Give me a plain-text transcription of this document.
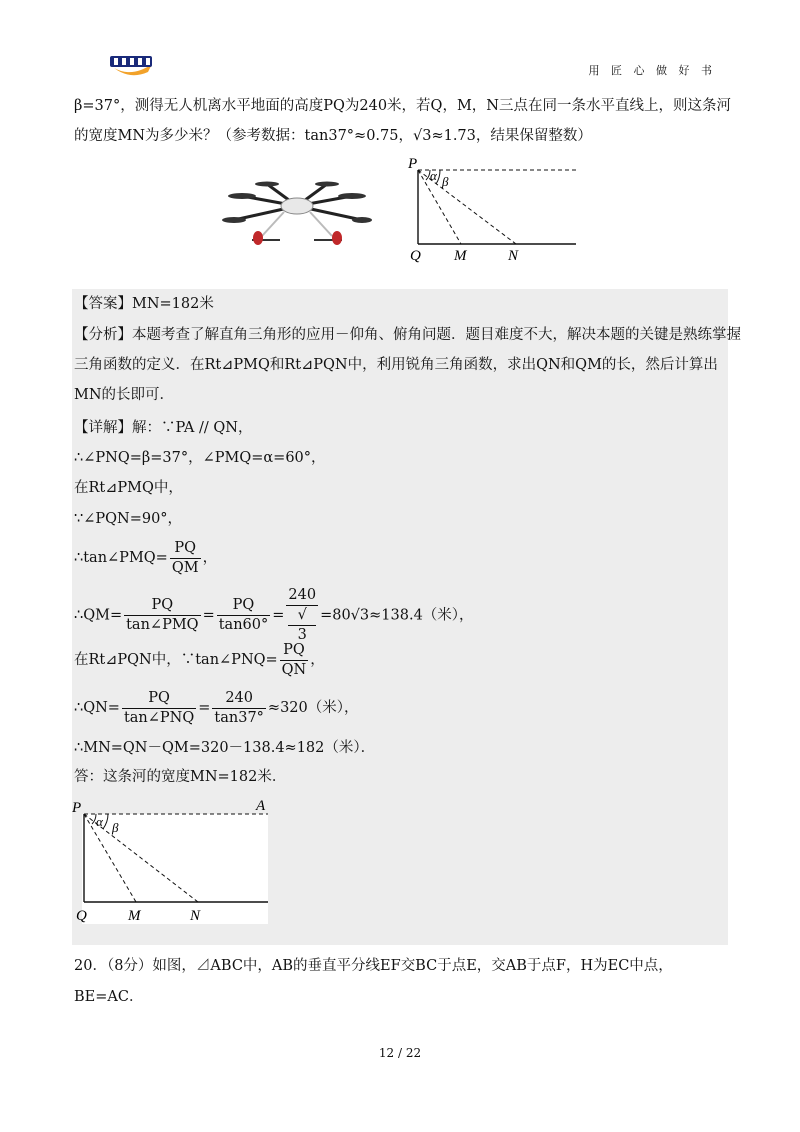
用 匠 心 做 好 书
β=37°，测得无人机离水平地面的高度PQ为240米，若Q，M，N三点在同一条水平直线上，则这条河
的宽度MN为多少米？（参考数据：tan37°≈0.75，√3≈1.73，结果保留整数）
P
α β
Q M	N
【答案】MN=182米
【分析】本题考查了解直角三角形的应用－仰角、俯角问题．题目难度不大，解决本题的关键是熟练掌握
三角函数的定义．在Rt⊿PMQ和Rt⊿PQN中，利用锐角三角函数，求出QN和QM的长，然后计算出
MN的长即可．
【详解】解：∵PA // QN，
∴∠PNQ=β=37°，∠PMQ=α=60°，
在Rt⊿PMQ中，
∵∠PQN=90°，
∴tan∠PMQ= $\frac{PQ}{QM}$ ，
∴QM= $\frac{PQ}{\text{tan∠PMQ}} = \frac{PQ}{\tan 60^\circ} = 240$
√
3 =80√3≈138.4（米），
在Rt⊿PQN中，∵tan∠PNQ= $\frac{PQ}{QN}$ ，
∴QN= $\frac{PQ}{\text{tan∠PNQ}} = \frac{240}{\tan 37^\circ} \approx 320$（米），
∴MN=QN－QM=320－138.4≈182（米）．
答：这条河的宽度MN=182米．
P	A
α β
Q	M	N
20．（8分）如图，⊿ABC中，AB的垂直平分线EF交BC于点E，交AB于点F，H为EC中点，
BE=AC．
12 / 22
